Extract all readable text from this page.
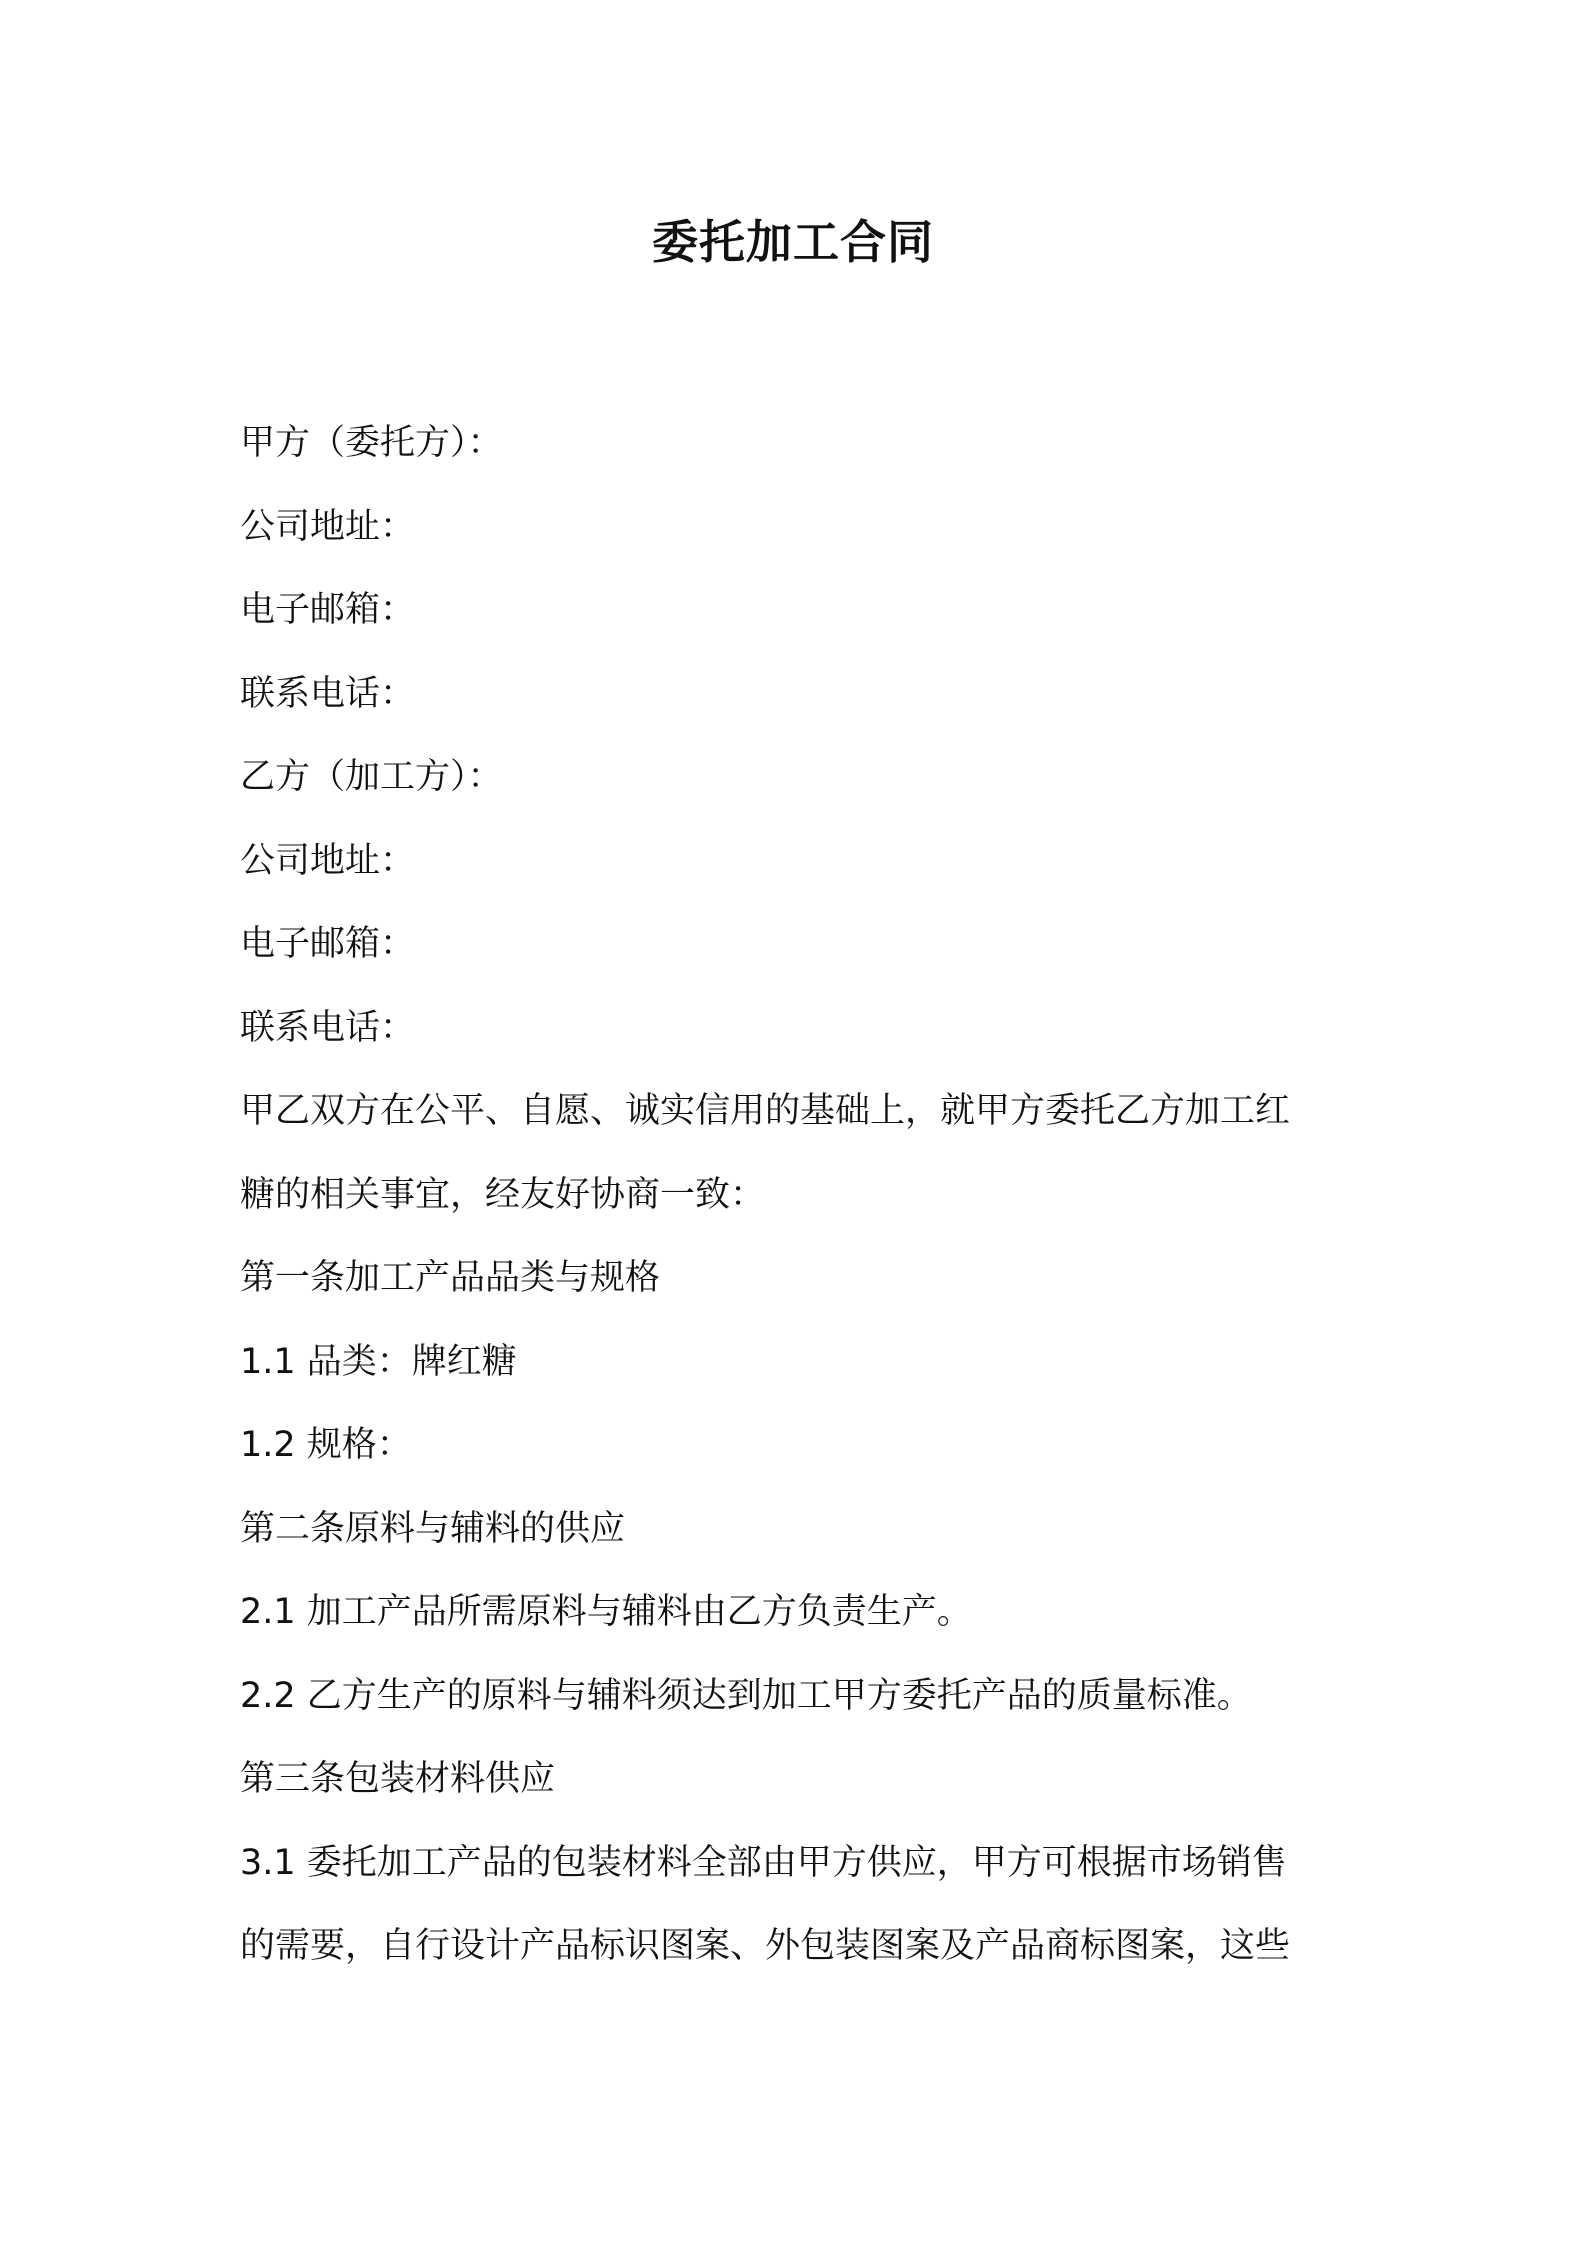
委托加工合同
甲方（委托方）：
公司地址：
电子邮箱：
联系电话：
乙方（加工方）：
公司地址：
电子邮箱：
联系电话：
甲乙双方在公平、自愿、诚实信用的基础上，就甲方委托乙方加工红
糖的相关事宜，经友好协商一致：
第一条加工产品品类与规格
1.1 品类：牌红糖
1.2 规格：
第二条原料与辅料的供应
2.1 加工产品所需原料与辅料由乙方负责生产。
2.2 乙方生产的原料与辅料须达到加工甲方委托产品的质量标准。
第三条包装材料供应
3.1 委托加工产品的包装材料全部由甲方供应，甲方可根据市场销售
的需要，自行设计产品标识图案、外包装图案及产品商标图案，这些
